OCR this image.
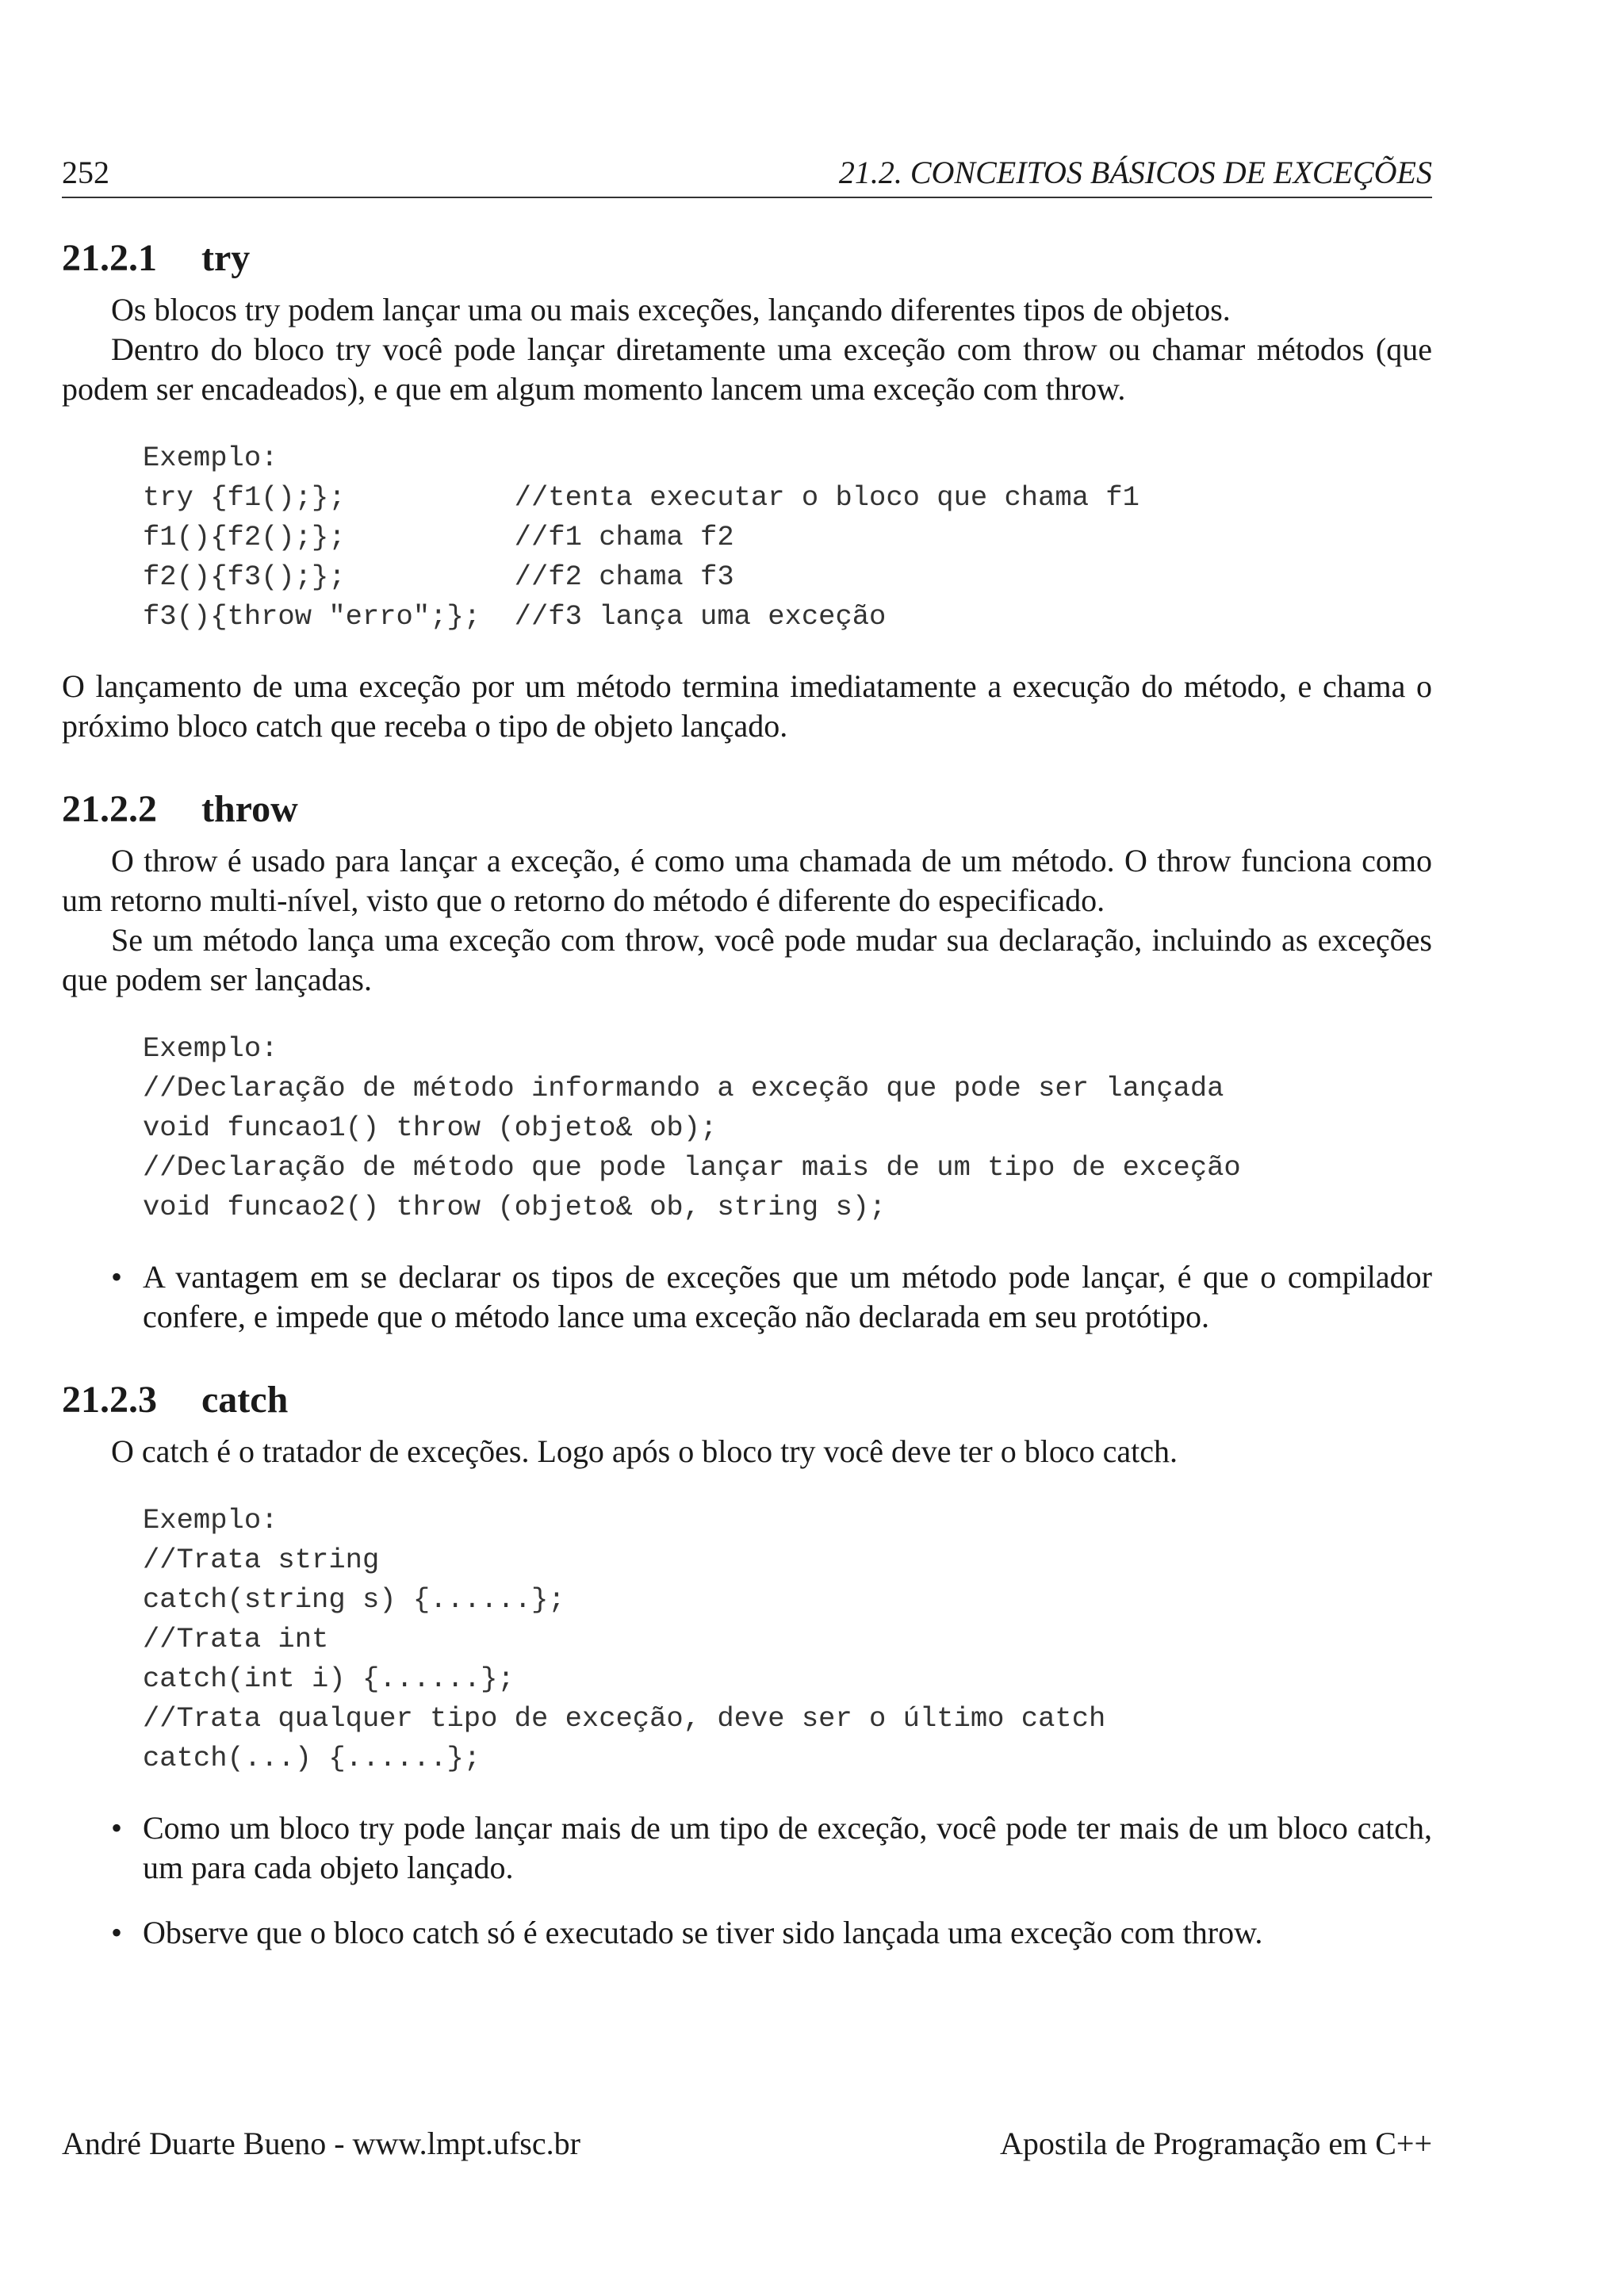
252	21.2. CONCEITOS BÁSICOS DE EXCEÇÕES
21.2.1 try

Os blocos try podem lançar uma ou mais exceções, lançando diferentes tipos de objetos.

Dentro do bloco try você pode lançar diretamente uma exceção com throw ou chamar métodos (que podem ser encadeados), e que em algum momento lancem uma exceção com throw.

Exemplo:
try {f1();};          //tenta executar o bloco que chama f1
f1(){f2();};          //f1 chama f2
f2(){f3();};          //f2 chama f3
f3(){throw "erro";};  //f3 lança uma exceção

O lançamento de uma exceção por um método termina imediatamente a execução do método, e chama o próximo bloco catch que receba o tipo de objeto lançado.

21.2.2 throw

O throw é usado para lançar a exceção, é como uma chamada de um método. O throw funciona como um retorno multi-nível, visto que o retorno do método é diferente do especificado.

Se um método lança uma exceção com throw, você pode mudar sua declaração, incluindo as exceções que podem ser lançadas.

Exemplo:
//Declaração de método informando a exceção que pode ser lançada
void funcao1() throw (objeto& ob);
//Declaração de método que pode lançar mais de um tipo de exceção
void funcao2() throw (objeto& ob, string s);
• A vantagem em se declarar os tipos de exceções que um método pode lançar, é que o compilador confere, e impede que o método lance uma exceção não declarada em seu protótipo.
21.2.3 catch

O catch é o tratador de exceções. Logo após o bloco try você deve ter o bloco catch.

Exemplo:
//Trata string
catch(string s) {......};
//Trata int
catch(int i) {......};
//Trata qualquer tipo de exceção, deve ser o último catch
catch(...) {......};
• Como um bloco try pode lançar mais de um tipo de exceção, você pode ter mais de um bloco catch, um para cada objeto lançado.
• Observe que o bloco catch só é executado se tiver sido lançada uma exceção com throw.
André Duarte Bueno - www.lmpt.ufsc.br	Apostila de Programação em C++
